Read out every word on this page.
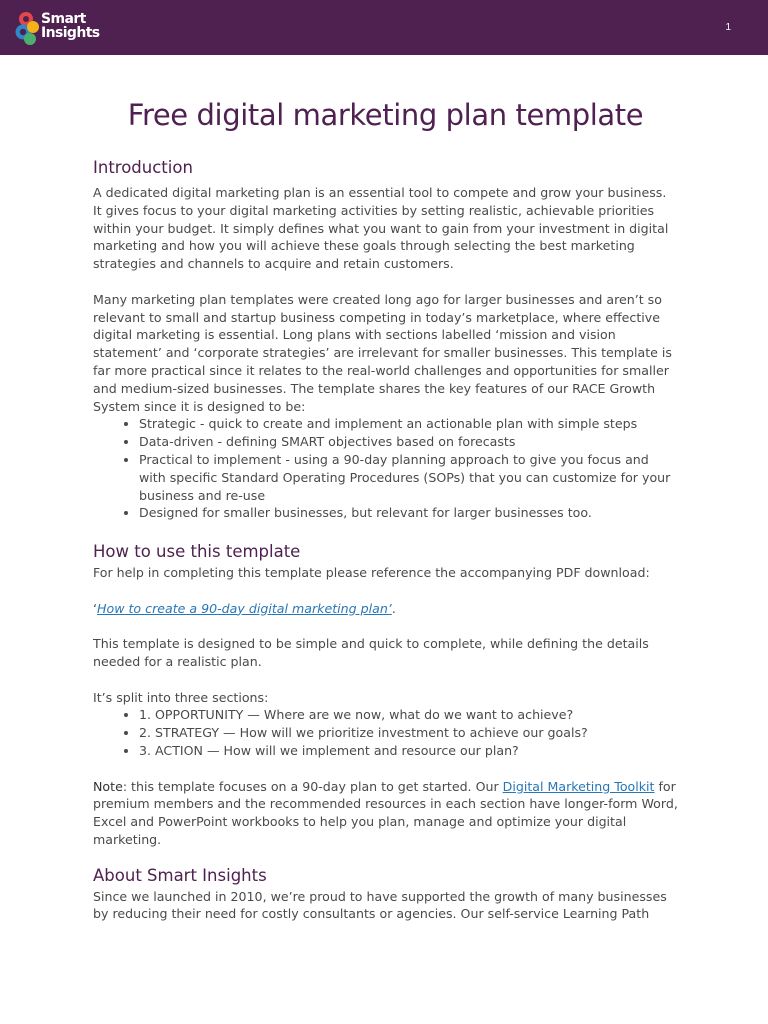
Smart
Insights	1
Free digital marketing plan template
Introduction

A dedicated digital marketing plan is an essential tool to compete and grow your business. It gives focus to your digital marketing activities by setting realistic, achievable priorities within your budget. It simply defines what you want to gain from your investment in digital marketing and how you will achieve these goals through selecting the best marketing strategies and channels to acquire and retain customers.

Many marketing plan templates were created long ago for larger businesses and aren’t so relevant to small and startup business competing in today’s marketplace, where effective digital marketing is essential. Long plans with sections labelled ‘mission and vision statement’ and ‘corporate strategies’ are irrelevant for smaller businesses. This template is far more practical since it relates to the real-world challenges and opportunities for smaller and medium-sized businesses. The template shares the key features of our RACE Growth System since it is designed to be:

• Strategic - quick to create and implement an actionable plan with simple steps
• Data-driven - defining SMART objectives based on forecasts
• Practical to implement - using a 90-day planning approach to give you focus and with specific Standard Operating Procedures (SOPs) that you can customize for your business and re-use
• Designed for smaller businesses, but relevant for larger businesses too.
How to use this template

For help in completing this template please reference the accompanying PDF download:

‘How to create a 90-day digital marketing plan’.

This template is designed to be simple and quick to complete, while defining the details needed for a realistic plan.

It’s split into three sections:

• 1. OPPORTUNITY — Where are we now, what do we want to achieve?
• 2. STRATEGY — How will we prioritize investment to achieve our goals?
• 3. ACTION — How will we implement and resource our plan?

Note: this template focuses on a 90-day plan to get started. Our Digital Marketing Toolkit for premium members and the recommended resources in each section have longer-form Word, Excel and PowerPoint workbooks to help you plan, manage and optimize your digital marketing.

About Smart Insights

Since we launched in 2010, we’re proud to have supported the growth of many businesses by reducing their need for costly consultants or agencies. Our self-service Learning Path
